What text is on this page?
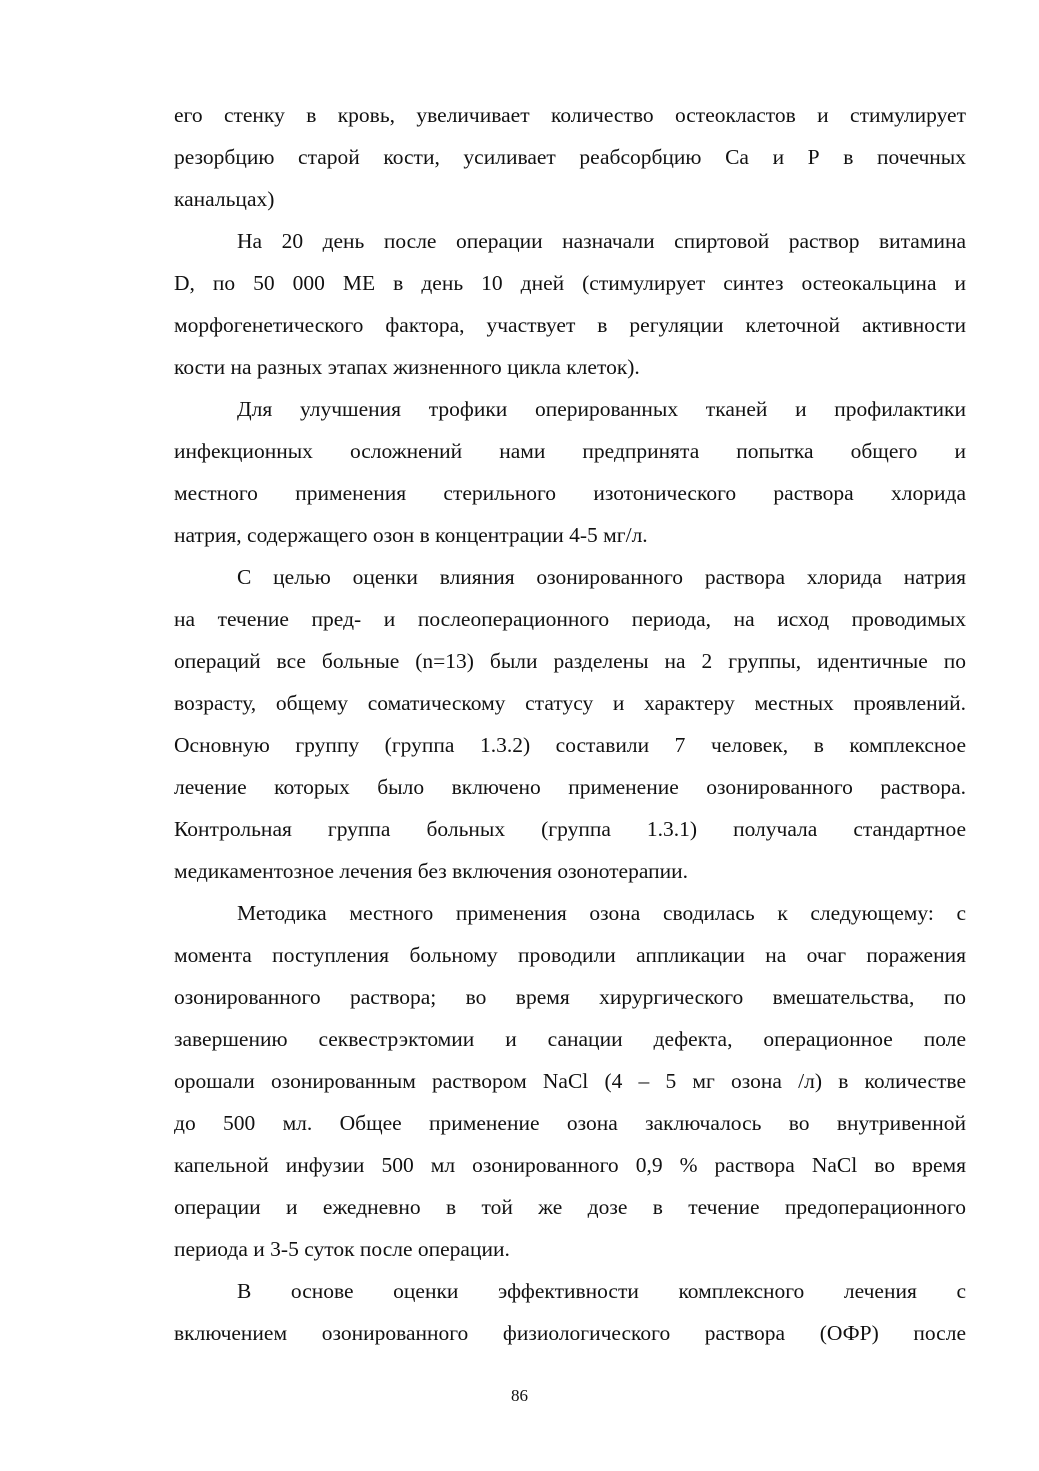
его стенку в кровь, увеличивает количество остеокластов и стимулирует
резорбцию старой кости, усиливает реабсорбцию Са и Р в почечных
канальцах)
На 20 день после операции назначали спиртовой раствор витамина
D, по 50 000 МЕ в день 10 дней (стимулирует синтез остеокальцина и
морфогенетического фактора, участвует в регуляции клеточной активности
кости на разных этапах жизненного цикла клеток).
Для улучшения трофики оперированных тканей и профилактики
инфекционных осложнений нами предпринята попытка общего и
местного применения стерильного изотонического раствора хлорида
натрия, содержащего озон в концентрации 4-5 мг/л.
С целью оценки влияния озонированного раствора хлорида натрия
на течение пред- и послеоперационного периода, на исход проводимых
операций все больные (n=13) были разделены на 2 группы, идентичные по
возрасту, общему соматическому статусу и характеру местных проявлений.
Основную группу (группа 1.3.2) составили 7 человек, в комплексное
лечение которых было включено применение озонированного раствора.
Контрольная группа больных (группа 1.3.1) получала стандартное
медикаментозное лечения без включения озонотерапии.
Методика местного применения озона сводилась к следующему: с
момента поступления больному проводили аппликации на очаг поражения
озонированного раствора; во время хирургического вмешательства, по
завершению секвестрэктомии и санации дефекта, операционное поле
орошали озонированным раствором NaCl (4 – 5 мг озона /л) в количестве
до 500 мл. Общее применение озона заключалось во внутривенной
капельной инфузии 500 мл озонированного 0,9 % раствора NaCl во время
операции и ежедневно в той же дозе в течение предоперационного
периода и 3-5 суток после операции.
В основе оценки эффективности комплексного лечения с
включением озонированного физиологического раствора (ОФР) после
86
